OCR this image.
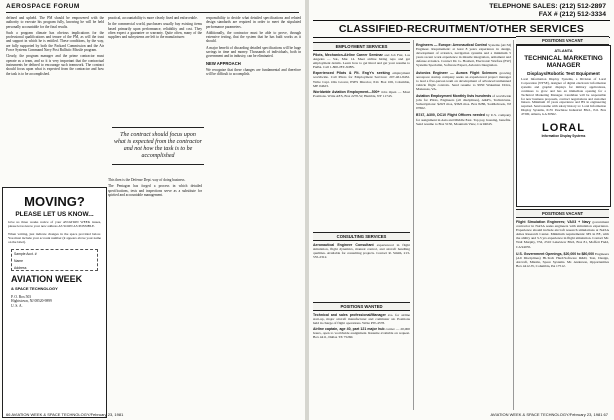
AEROSPACE FORUM

defined and upheld. The PM should be empowered with the authority to execute his program fully, knowing he will be held personally accountable for the final results.

Such a program climate has obvious implications for the professional qualifications and tenure of the PM, as will the trust and support in which he is entitled. These conditions, by the way, are fully supported by both the Packard Commission and the Air Force Systems Command Navy Post Ballistic Missile program.

Clearly, the program manager and the prime contractor must operate as a team, and so it is very important that the contractual instruments be defined to encourage such teamwork. The contract should focus upon what is expected from the contractor and how the task is to be accomplished.

practical, accountability is more clearly fixed and enforceable.

In the commercial world, purchasers usually buy existing items based primarily upon performance, reliability and cost. They often expect a guarantee or warranty. Quite often, many of the suppliers and subsystems are left to the manufacturer.

This then is the Defense Dept. way of doing business.

The Pentagon has forged a process in which detailed specifications, tests and inspections serve as a substitute for spirited and accountable management.

The contract should focus upon what is expected from the contractor and not how the task is to be accomplished

responsibility to decide what detailed specifications and related design standards are required in order to meet the stipulated performance parameters.

Additionally, the contractor must be able to prove, through extensive testing, that the system that he has built works as it should.

A major benefit of discarding detailed specifications will be huge savings in time and money. Thousands of individuals, both in government and in industry, can be eliminated.

NEW APPROACH

We recognize that these changes are fundamental and therefore will be difficult to accomplish.

MOVING?
PLEASE LET US KNOW...
Give us three weeks notice of your AVIATION WEEK issues, please let us know your new address AS SOON AS POSSIBLE.
When writing, just indicate changes in the space provided below. You must include your account number (it appears above your name on the label).
Sample Acct. #
Name
Address
AVIATION WEEK
& SPACE TECHNOLOGY
P. O. Box 503
Hightstown, NJ 08520-9899
U. S. A.
66 AVIATION WEEK & SPACE TECHNOLOGY/February 23, 1981
TELEPHONE SALES: (212) 512-2897
FAX # (212) 512-3334
CLASSIFIED-RECRUITMENT/OTHER SERVICES
EMPLOYMENT SERVICES

Pilots, Mechanics-Airline Career Seminar and Job Fair, Los Angeles — Sat., Mar. 14. Meet airline hiring reps and get employment details. Learn how to get hired and get your resume to FAPA. Call 1-800-JET-JOBS.

Experienced Pilots & Flt. Eng'r's seeking employment worldwide. Call Pilots for Employment Services: 207-461-8432. Write Capt. Otis Grover, PSES Director, P.O. Box 106, Columbia, ME 04623.

Worldwide Aviation Employment—500+ Jobs Open — Most Positions. Write AES, Box 2270-W, Humble, NY 11743.

CONSULTING SERVICES

Aeronautical Engineer Consultant experienced in flight simulation, flight dynamics, manual control, and aircraft handling qualities. Available for consulting projects. Contact R. Smith, 213-555-2312.

POSITIONS WANTED

Technical and sales professional/Manager avs. for airline start-up, major aircraft manufacturer and commuter air. Positions held in charge of flight operations. Write PW-4578.

Airline captain, age 40, part 121 major hub carrier — 20,000 hours, open to worldwide assignment. Resume available on request. Box 4411, Dallas TX 75260.

Engineers — Europe: Aeronautical Control Systems (ACSI) Engineer. Requirement: at least 8 years experience in design, development of avionics, navigation systems and a minimum 5 years recent work experience in missile integration, armament and defense avionics. Contact Dr. G. Houbert, Electronic Warfare (EW) Systems Specialist, Software Expert, Avionics Integration.

Avionics Engineer — Aurora Flight Sciences growing aerospace startup company seeks an experienced project manager to lead a five-person team on development of advanced unmanned vehicle flight controls. Send resume to 9950 Wakeman Drive, Manassas, VA.

Aviation Employment Monthly lists hundreds of worldwide jobs for Pilots, Engineers (all disciplines), A&P's, Technicians. Subscriptions: $20/3 mos, $36/6 mos. Box 8286, Saddlebrook, NJ 07662.

B747, A300, DC10 Flight Officers needed by U.S. company for assignment in Asia and Middle East. Top pay, housing, benefits. Send resume to Box 5150, Mountain View, CA 94043.

POSITIONS VACANT
ATLANTA
TECHNICAL MARKETING MANAGER
Displays/Robotic Test Equipment
Loral Information Display Systems, a Division of Loral Corporation (NYSE), designer of digital electronic information systems and graphic displays for military applications, continues to grow and has an immediate opening for a Technical Marketing Manager. Candidate will be responsible for new business proposals, contract negotiations and customer liaison. Minimum 10 years experience and BS in engineering required. Send resume with salary history to: Loral Information Display Systems, 6155 Peachtree Industrial Blvd., P.O. Box 47300, Atlanta, GA 30362.
LORAL
Information Display Systems
POSITIONS VACANT

Flight Simulation Engineers; VAX3 + Navy government contractor in NASA seeks engineers with simulation experience. Experience should include aircraft research simulations at NASA Ames Research Center. Minimum requirements: MS in EE, with the ability and 3-5 yrs experience in flight simulation. Contact Mr. Walt Murphy, TSI, 2510 Lakeview Blvd, Box 81, Moffett Field, CA 94035.

U.S. Government Openings, $20,000 to $80,000 Engineers (All Disciplines) Hi-Tech Hard/Software R&D, Test, Design, Aircraft, Missile, Space Systems. Mr. Anderson, Opportunities Box 4412-W, Columbia, PA 17512.

AVIATION WEEK & SPACE TECHNOLOGY/February 23, 1981 67
